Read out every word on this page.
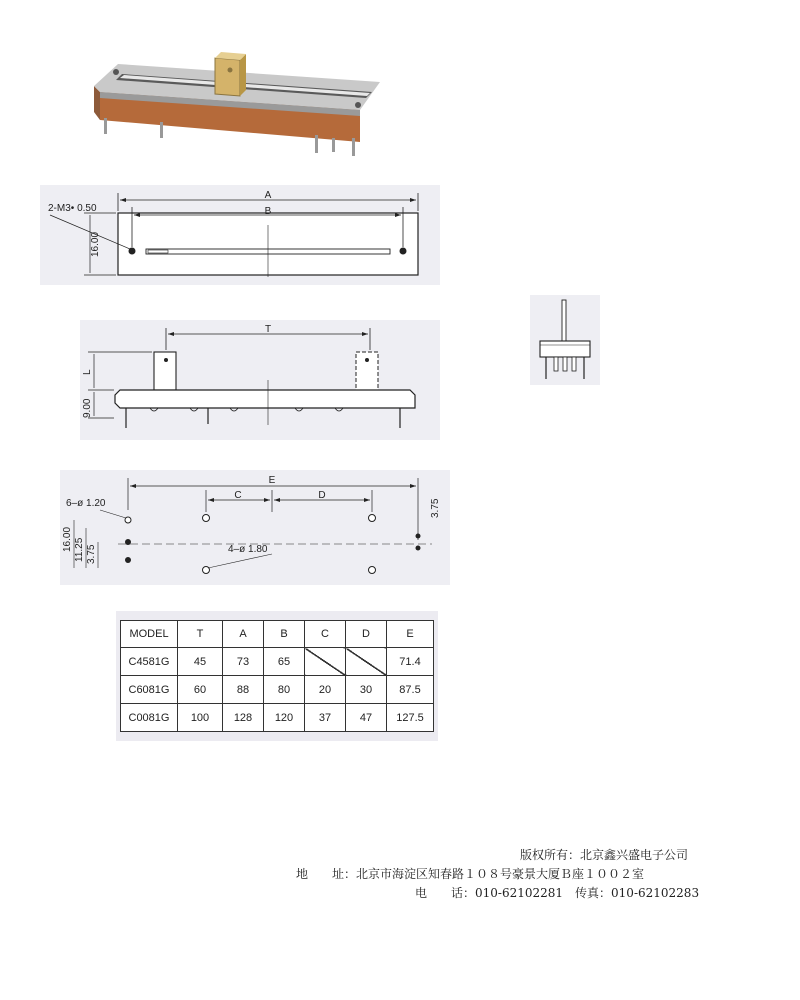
A
B
2-M3• 0.50
16.00
T
L
9.00
E
C	D
6–ø 1.20
4–ø 1.80
3.75
16.00 11.25 3.75
MODEL	T	A	B	C	D	E
C4581G	45	73	65			71.4
C6081G	60	88	80	20	30	87.5
C0081G	100	128	120	37	47	127.5
版权所有：北京鑫兴盛电子公司
地　　址：北京市海淀区知春路１０８号豪景大厦Ｂ座１００２室
电　　话：010-62102281　传真：010-62102283
